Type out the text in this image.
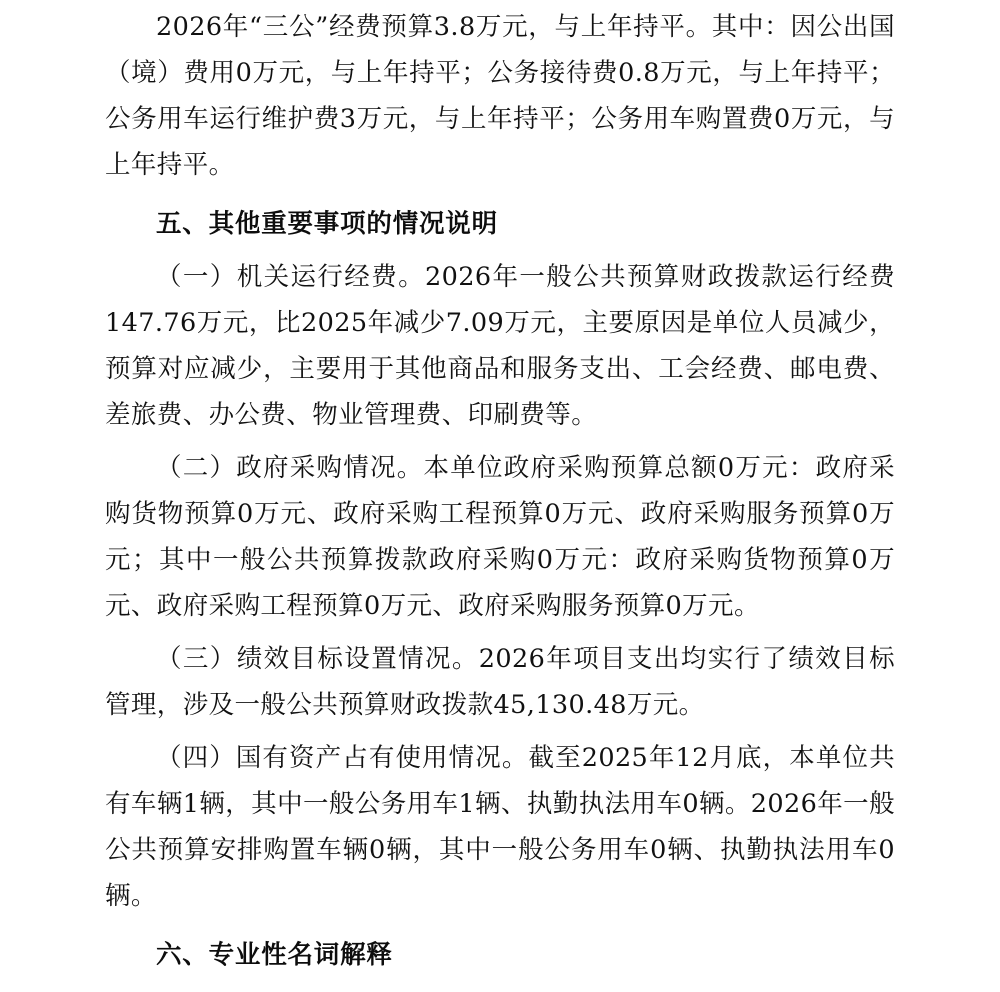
2026年“三公”经费预算3.8万元，与上年持平。其中：因公出国（境）费用0万元，与上年持平；公务接待费0.8万元，与上年持平；公务用车运行维护费3万元，与上年持平；公务用车购置费0万元，与上年持平。

五、其他重要事项的情况说明

（一）机关运行经费。2026年一般公共预算财政拨款运行经费147.76万元，比2025年减少7.09万元，主要原因是单位人员减少，预算对应减少，主要用于其他商品和服务支出、工会经费、邮电费、差旅费、办公费、物业管理费、印刷费等。

（二）政府采购情况。本单位政府采购预算总额0万元：政府采购货物预算0万元、政府采购工程预算0万元、政府采购服务预算0万元；其中一般公共预算拨款政府采购0万元：政府采购货物预算0万元、政府采购工程预算0万元、政府采购服务预算0万元。

（三）绩效目标设置情况。2026年项目支出均实行了绩效目标管理，涉及一般公共预算财政拨款45,130.48万元。

（四）国有资产占有使用情况。截至2025年12月底，本单位共有车辆1辆，其中一般公务用车1辆、执勤执法用车0辆。2026年一般公共预算安排购置车辆0辆，其中一般公务用车0辆、执勤执法用车0辆。

六、专业性名词解释
